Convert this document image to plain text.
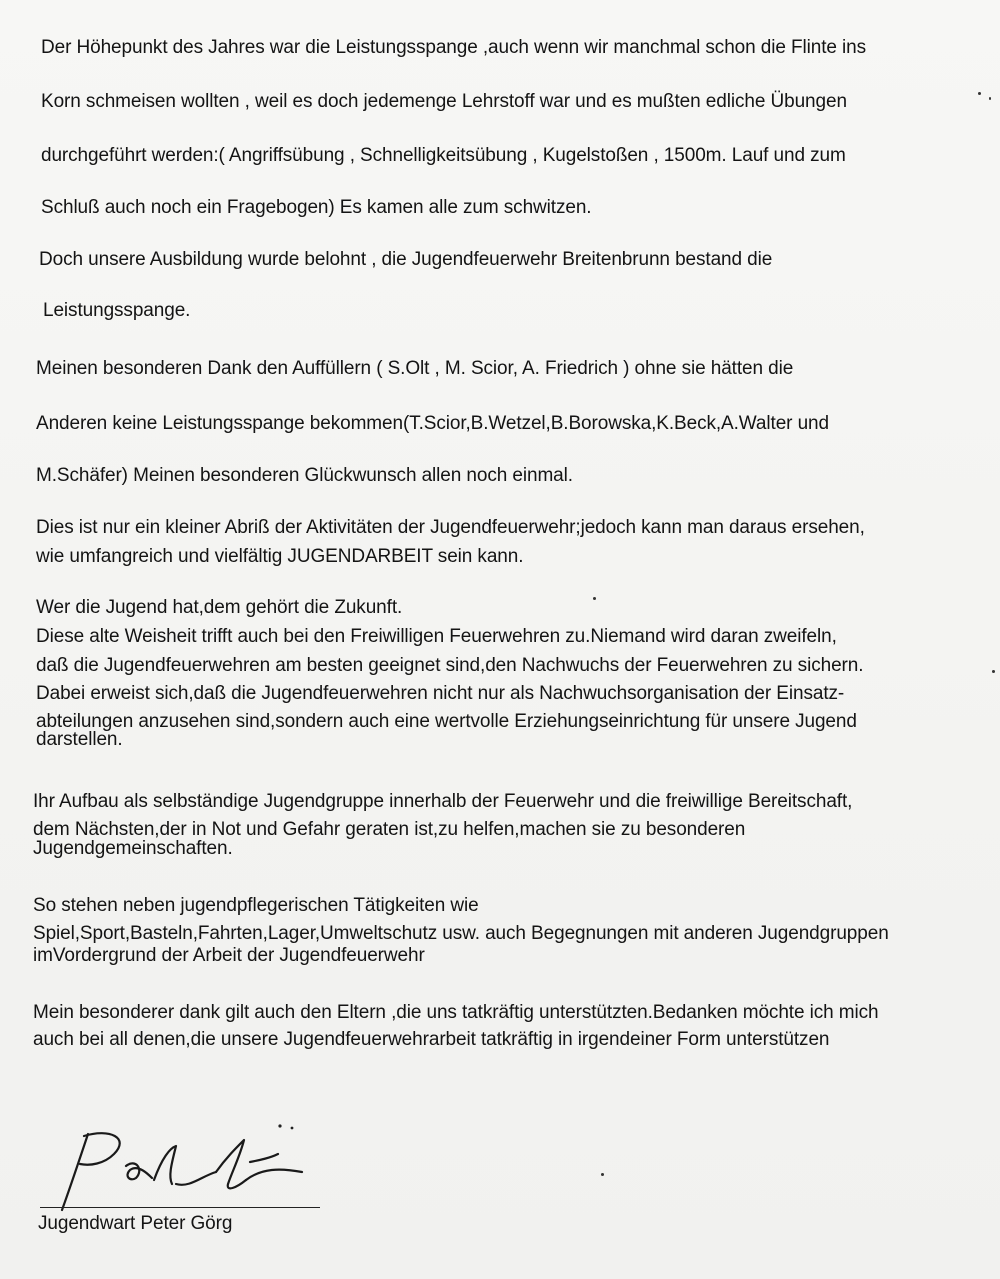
Der Höhepunkt des Jahres war die Leistungsspange ,auch wenn wir manchmal schon die Flinte ins
Korn schmeisen wollten , weil es doch jedemenge Lehrstoff war und es mußten edliche Übungen
durchgeführt werden:( Angriffsübung , Schnelligkeitsübung , Kugelstoßen , 1500m. Lauf und zum
Schluß auch noch ein Fragebogen) Es kamen alle zum schwitzen.
Doch unsere Ausbildung wurde belohnt , die Jugendfeuerwehr Breitenbrunn bestand die
Leistungsspange.
Meinen besonderen Dank den Auffüllern ( S.Olt , M. Scior, A. Friedrich ) ohne sie hätten die
Anderen keine Leistungsspange bekommen(T.Scior,B.Wetzel,B.Borowska,K.Beck,A.Walter und
M.Schäfer) Meinen besonderen Glückwunsch allen noch einmal.
Dies ist nur ein kleiner Abriß der Aktivitäten der Jugendfeuerwehr;jedoch kann man daraus ersehen,
wie umfangreich und vielfältig JUGENDARBEIT sein kann.
Wer die Jugend hat,dem gehört die Zukunft.
Diese alte Weisheit trifft auch bei den Freiwilligen Feuerwehren zu.Niemand wird daran zweifeln,
daß die Jugendfeuerwehren am besten geeignet sind,den Nachwuchs der Feuerwehren zu sichern.
Dabei erweist sich,daß die Jugendfeuerwehren nicht nur als Nachwuchsorganisation der Einsatz-
abteilungen anzusehen sind,sondern auch eine wertvolle Erziehungseinrichtung für unsere Jugend
darstellen.
Ihr Aufbau als selbständige Jugendgruppe innerhalb der Feuerwehr und die freiwillige Bereitschaft,
dem Nächsten,der in Not und Gefahr geraten ist,zu helfen,machen sie zu besonderen
Jugendgemeinschaften.
So stehen neben jugendpflegerischen Tätigkeiten wie
Spiel,Sport,Basteln,Fahrten,Lager,Umweltschutz usw. auch Begegnungen mit anderen Jugendgruppen
imVordergrund der Arbeit der Jugendfeuerwehr
Mein besonderer dank gilt auch den Eltern ,die uns tatkräftig unterstützten.Bedanken möchte ich mich
auch bei all denen,die unsere Jugendfeuerwehrarbeit tatkräftig in irgendeiner Form unterstützen
Jugendwart Peter Görg
